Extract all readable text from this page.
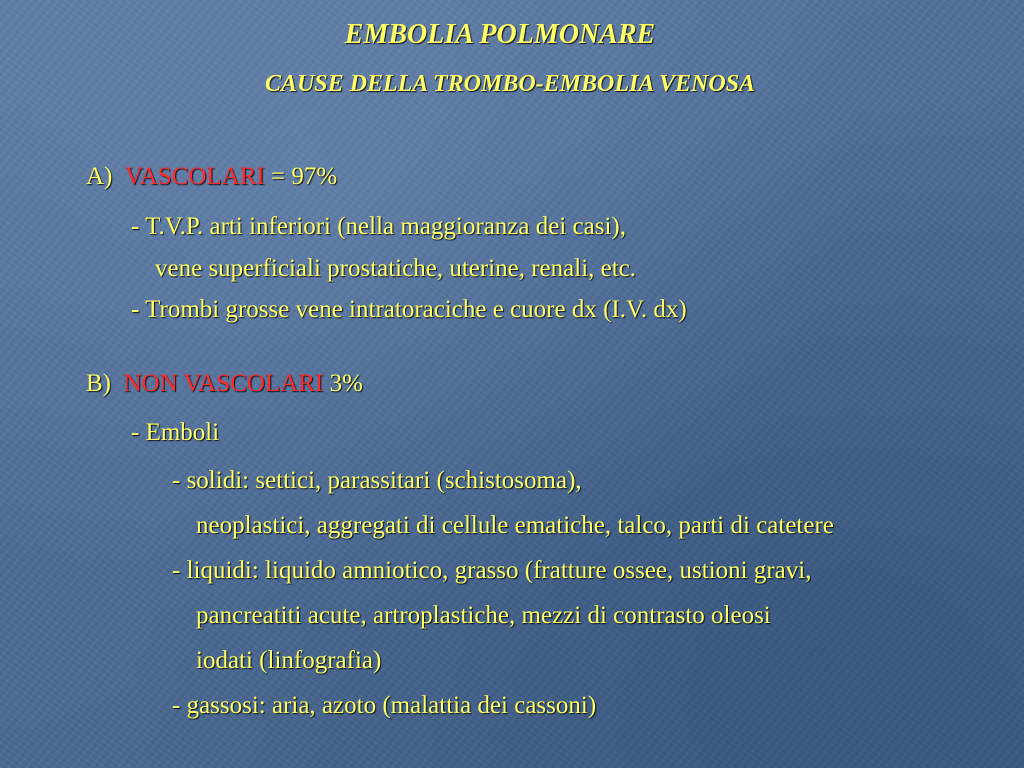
EMBOLIA POLMONARE
CAUSE DELLA TROMBO-EMBOLIA VENOSA
A) VASCOLARI = 97%
- T.V.P. arti inferiori (nella maggioranza dei casi),
vene superficiali prostatiche, uterine, renali, etc.
- Trombi grosse vene intratoraciche e cuore dx (I.V. dx)
B) NON VASCOLARI 3%
- Emboli
- solidi: settici, parassitari (schistosoma),
neoplastici, aggregati di cellule ematiche, talco, parti di catetere
- liquidi: liquido amniotico, grasso (fratture ossee, ustioni gravi,
pancreatiti acute, artroplastiche, mezzi di contrasto oleosi
iodati (linfografia)
- gassosi: aria, azoto (malattia dei cassoni)
